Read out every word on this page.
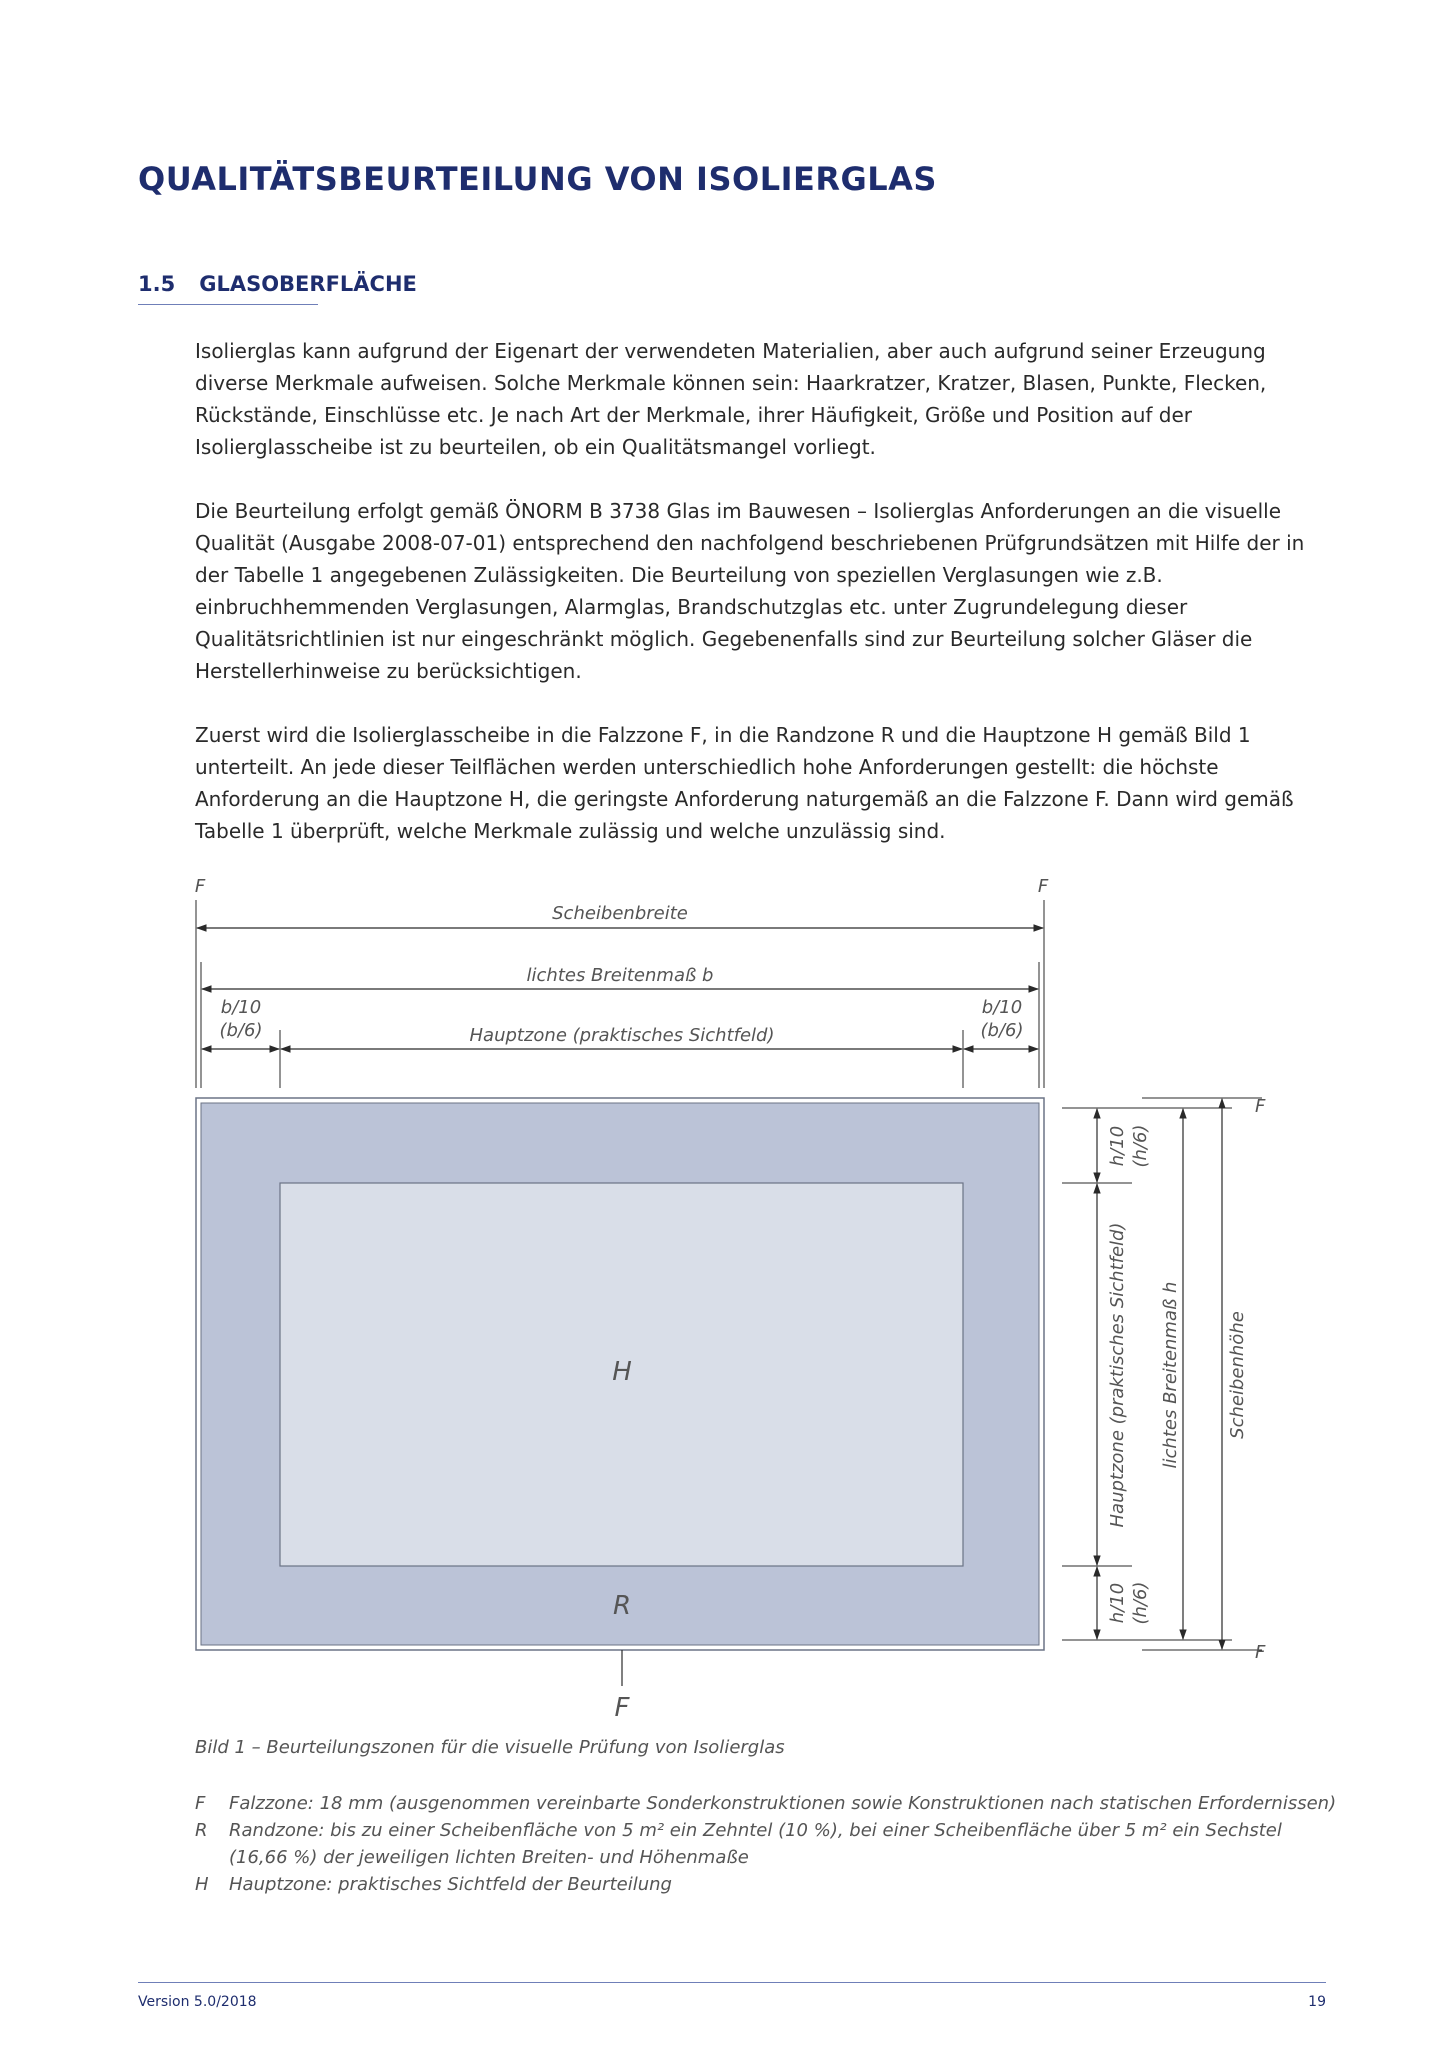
QUALITÄTSBEURTEILUNG VON ISOLIERGLAS
1.5 GLASOBERFLÄCHE

Isolierglas kann aufgrund der Eigenart der verwendeten Materialien, aber auch aufgrund seiner Erzeugung diverse Merkmale aufweisen. Solche Merkmale können sein: Haarkratzer, Kratzer, Blasen, Punkte, Flecken, Rückstände, Einschlüsse etc. Je nach Art der Merkmale, ihrer Häufigkeit, Größe und Position auf der Isolierglasscheibe ist zu beurteilen, ob ein Qualitätsmangel vorliegt.

Die Beurteilung erfolgt gemäß ÖNORM B 3738 Glas im Bauwesen – Isolierglas Anforderungen an die visuelle Qualität (Ausgabe 2008-07-01) entsprechend den nachfolgend beschriebenen Prüfgrundsätzen mit Hilfe der in der Tabelle 1 angegebenen Zulässigkeiten. Die Beurteilung von speziellen Verglasungen wie z.B. einbruchhemmenden Verglasungen, Alarmglas, Brandschutzglas etc. unter Zugrundelegung dieser Qualitätsrichtlinien ist nur eingeschränkt möglich. Gegebenenfalls sind zur Beurteilung solcher Gläser die Herstellerhinweise zu berücksichtigen.

Zuerst wird die Isolierglasscheibe in die Falzzone F, in die Randzone R und die Hauptzone H gemäß Bild 1 unterteilt. An jede dieser Teilflächen werden unterschiedlich hohe Anforderungen gestellt: die höchste Anforderung an die Hauptzone H, die geringste Anforderung naturgemäß an die Falzzone F. Dann wird gemäß Tabelle 1 überprüft, welche Merkmale zulässig und welche unzulässig sind.

H
R
F
F	F
Scheibenbreite
lichtes Breitenmaß b
b/10
(b/6)
b/10
(b/6)
Hauptzone (praktisches Sichtfeld)
F
F
h/10 (h/6)
Hauptzone (praktisches Sichtfeld)
h/10 (h/6)
lichtes Breitenmaß h	Scheibenhöhe

Bild 1 – Beurteilungszonen für die visuelle Prüfung von Isolierglas

F	Falzzone: 18 mm (ausgenommen vereinbarte Sonderkonstruktionen sowie Konstruktionen nach statischen Erfordernissen)
R	Randzone: bis zu einer Scheibenfläche von 5 m² ein Zehntel (10 %), bei einer Scheibenfläche über 5 m² ein Sechstel (16,66 %) der jeweiligen lichten Breiten- und Höhenmaße
H	Hauptzone: praktisches Sichtfeld der Beurteilung
Version 5.0/2018	19
